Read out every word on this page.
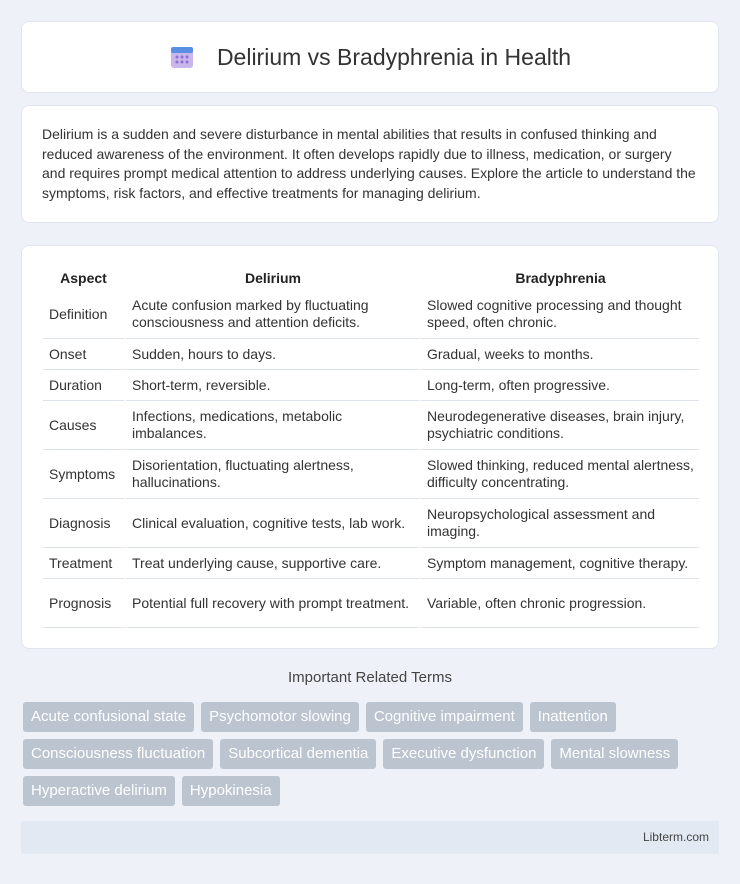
Delirium vs Bradyphrenia in Health

Delirium is a sudden and severe disturbance in mental abilities that results in confused thinking and reduced awareness of the environment. It often develops rapidly due to illness, medication, or surgery and requires prompt medical attention to address underlying causes. Explore the article to understand the symptoms, risk factors, and effective treatments for managing delirium.

Aspect	Delirium	Bradyphrenia
Definition	Acute confusion marked by fluctuating consciousness and attention deficits.	Slowed cognitive processing and thought speed, often chronic.
Onset	Sudden, hours to days.	Gradual, weeks to months.
Duration	Short-term, reversible.	Long-term, often progressive.
Causes	Infections, medications, metabolic imbalances.	Neurodegenerative diseases, brain injury, psychiatric conditions.
Symptoms	Disorientation, fluctuating alertness, hallucinations.	Slowed thinking, reduced mental alertness, difficulty concentrating.
Diagnosis	Clinical evaluation, cognitive tests, lab work.	Neuropsychological assessment and imaging.
Treatment	Treat underlying cause, supportive care.	Symptom management, cognitive therapy.
Prognosis	Potential full recovery with prompt treatment.	Variable, often chronic progression.
Important Related Terms
Acute confusional state	Psychomotor slowing	Cognitive impairment	Inattention
Consciousness fluctuation	Subcortical dementia	Executive dysfunction	Mental slowness
Hyperactive delirium	Hypokinesia
Libterm.com
